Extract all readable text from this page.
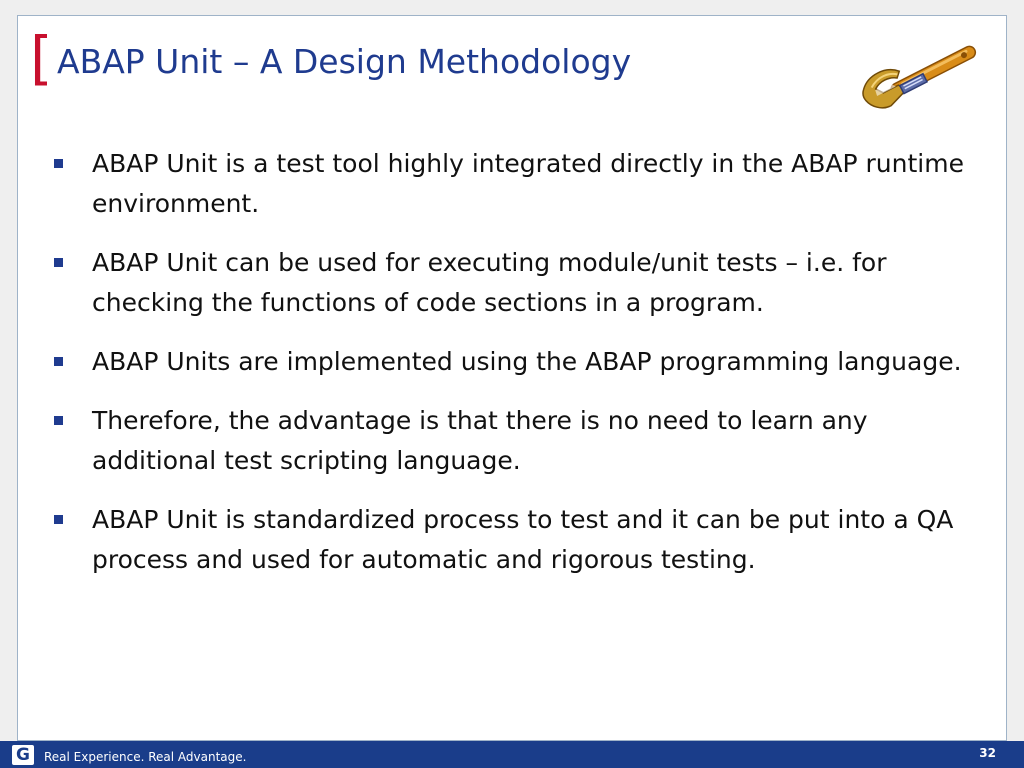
[ ABAP Unit – A Design Methodology
ABAP Unit is a test tool highly integrated directly in the ABAP runtime environment.
ABAP Unit can be used for executing module/unit tests – i.e. for checking the functions of code sections in a program.
ABAP Units are implemented using the ABAP programming language.
Therefore, the advantage is that there is no need to learn any additional test scripting language.
ABAP Unit is standardized process to test and it can be put into a QA process and used for automatic and rigorous testing.
G	Real Experience. Real Advantage.	32
